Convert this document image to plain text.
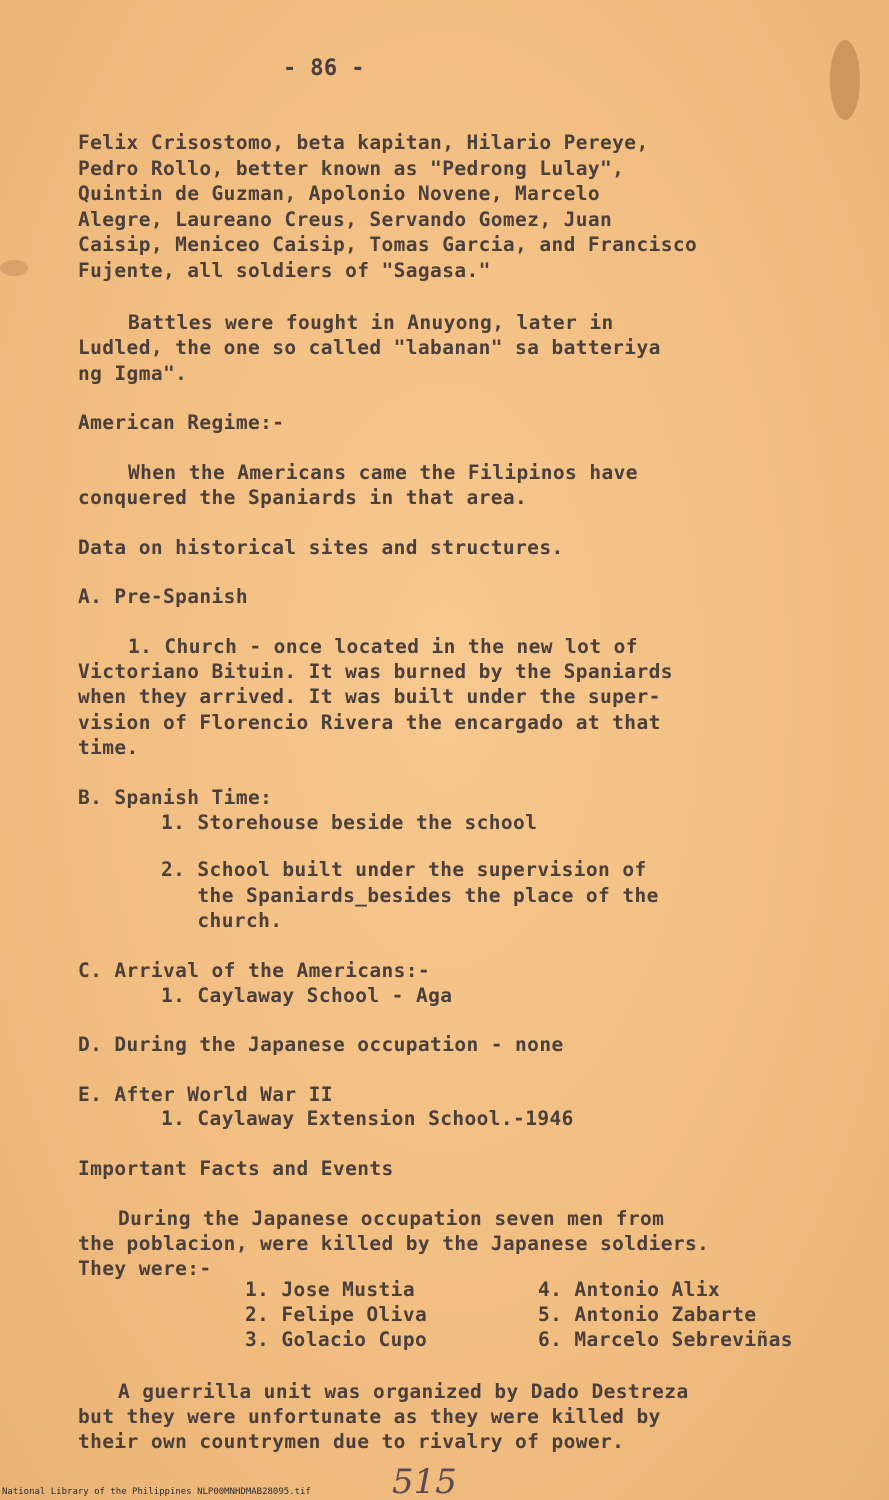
- 86 -
Felix Crisostomo, beta kapitan, Hilario Pereye,
Pedro Rollo, better known as "Pedrong Lulay",
Quintin de Guzman, Apolonio Novene, Marcelo
Alegre, Laureano Creus, Servando Gomez, Juan
Caisip, Meniceo Caisip, Tomas Garcia, and Francisco
Fujente, all soldiers of "Sagasa."
Battles were fought in Anuyong, later in
Ludled, the one so called "labanan" sa batteriya
ng Igma".
American Regime:-
When the Americans came the Filipinos have
conquered the Spaniards in that area.
Data on historical sites and structures.
A. Pre-Spanish
1. Church - once located in the new lot of
Victoriano Bituin. It was burned by the Spaniards
when they arrived. It was built under the super-
vision of Florencio Rivera the encargado at that
time.
B. Spanish Time:
1. Storehouse beside the school
2. School built under the supervision of
the Spaniards_besides the place of the
church.
C. Arrival of the Americans:-
1. Caylaway School - Aga
D. During the Japanese occupation - none
E. After World War II
1. Caylaway Extension School.-1946
Important Facts and Events
During the Japanese occupation seven men from
the poblacion, were killed by the Japanese soldiers.
They were:-
1. Jose Mustia
2. Felipe Oliva
3. Golacio Cupo
4. Antonio Alix
5. Antonio Zabarte
6. Marcelo Sebreviñas
A guerrilla unit was organized by Dado Destreza
but they were unfortunate as they were killed by
their own countrymen due to rivalry of power.
National Library of the Philippines NLP00MNHDMAB28095.tif 515
